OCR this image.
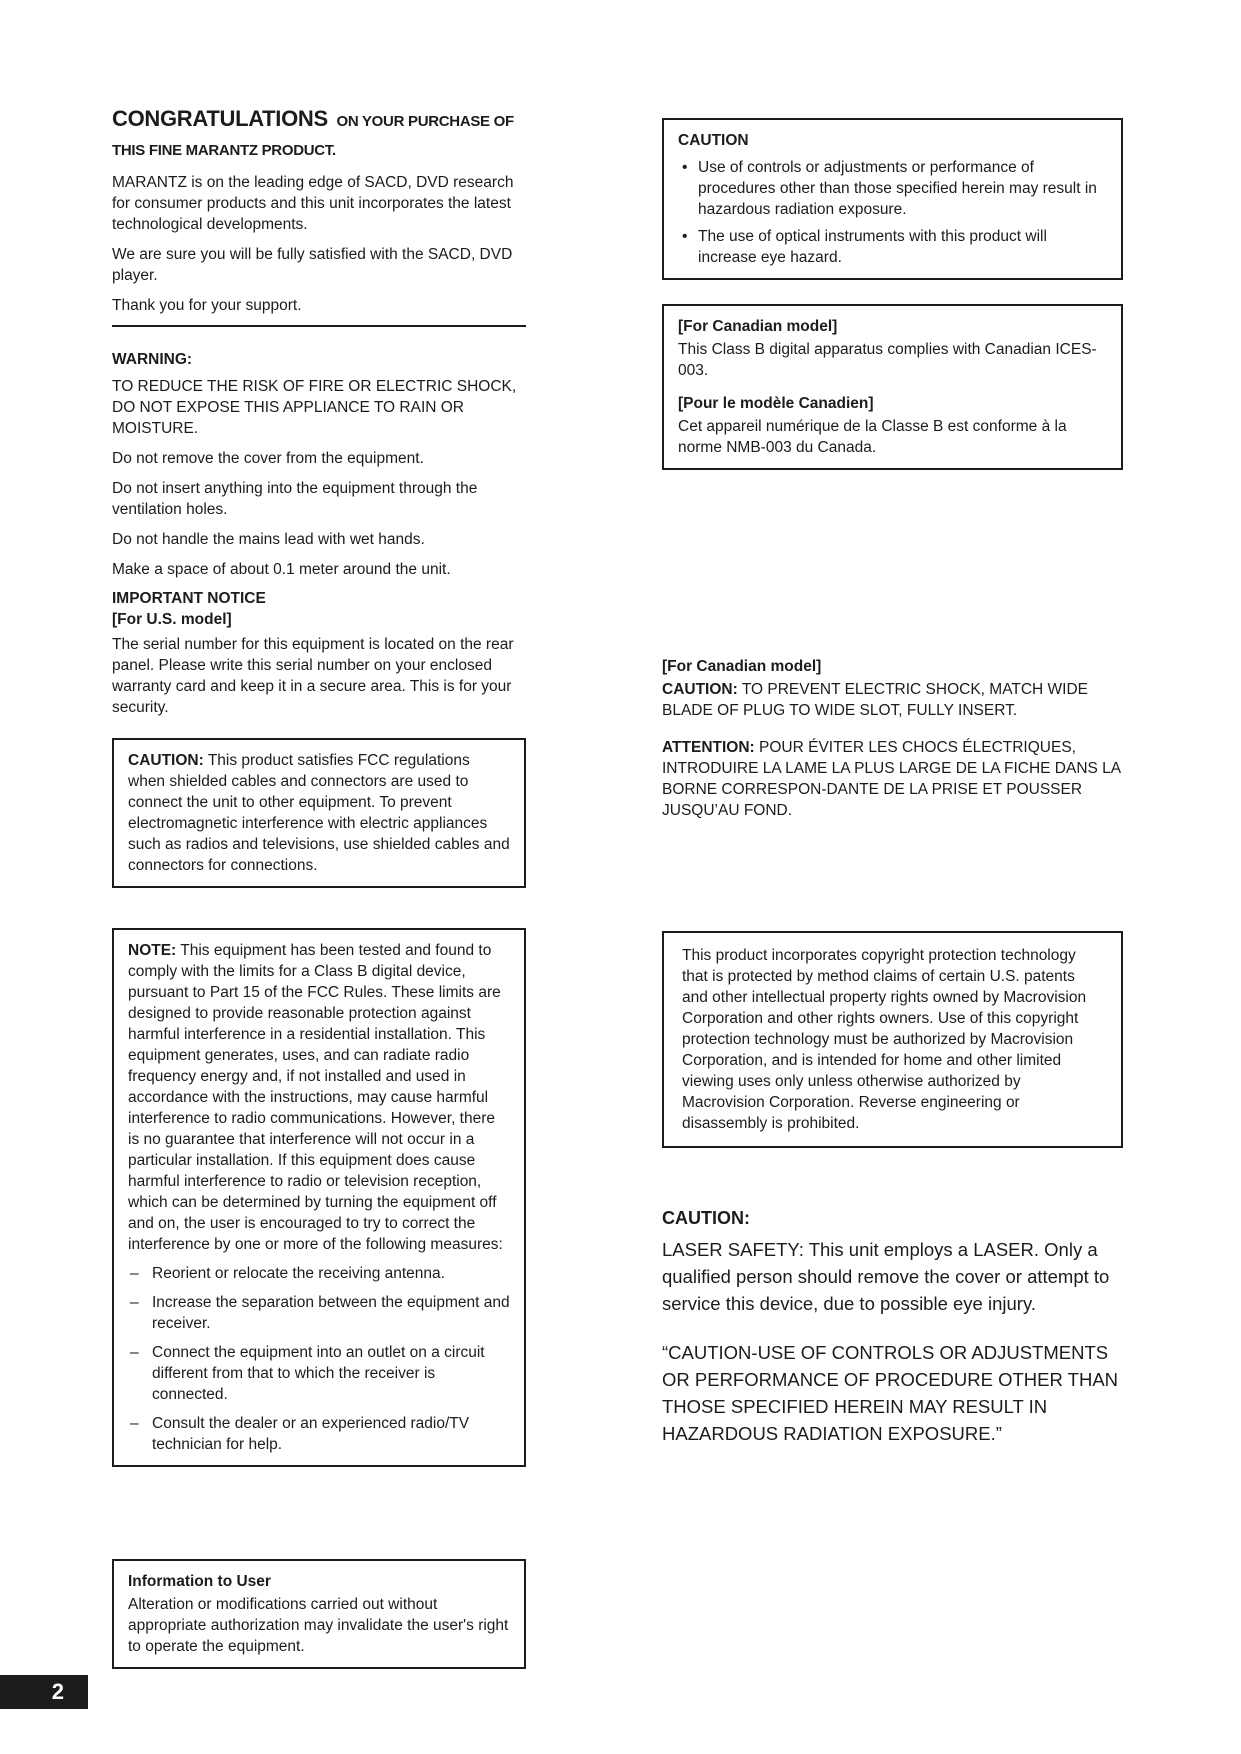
CONGRATULATIONS ON YOUR PURCHASE OF THIS FINE MARANTZ PRODUCT.

MARANTZ is on the leading edge of SACD, DVD research for consumer products and this unit incorporates the latest technological developments.

We are sure you will be fully satisfied with the SACD, DVD player.

Thank you for your support.

WARNING:

TO REDUCE THE RISK OF FIRE OR ELECTRIC SHOCK, DO NOT EXPOSE THIS APPLIANCE TO RAIN OR MOISTURE.

Do not remove the cover from the equipment.

Do not insert anything into the equipment through the ventilation holes.

Do not handle the mains lead with wet hands.

Make a space of about 0.1 meter around the unit.

IMPORTANT NOTICE

[For U.S. model]

The serial number for this equipment is located on the rear panel. Please write this serial number on your enclosed warranty card and keep it in a secure area. This is for your security.

CAUTION: This product satisfies FCC regulations when shielded cables and connectors are used to connect the unit to other equipment. To prevent electromagnetic interference with electric appliances such as radios and televisions, use shielded cables and connectors for connections.

NOTE: This equipment has been tested and found to comply with the limits for a Class B digital device, pursuant to Part 15 of the FCC Rules. These limits are designed to provide reasonable protection against harmful interference in a residential installation. This equipment generates, uses, and can radiate radio frequency energy and, if not installed and used in accordance with the instructions, may cause harmful interference to radio communications. However, there is no guarantee that interference will not occur in a particular installation. If this equipment does cause harmful interference to radio or television reception, which can be determined by turning the equipment off and on, the user is encouraged to try to correct the interference by one or more of the following measures:

– Reorient or relocate the receiving antenna.
– Increase the separation between the equipment and receiver.
– Connect the equipment into an outlet on a circuit different from that to which the receiver is connected.
– Consult the dealer or an experienced radio/TV technician for help.

Information to User

Alteration or modifications carried out without appropriate authorization may invalidate the user's right to operate the equipment.

CAUTION

• Use of controls or adjustments or performance of procedures other than those specified herein may result in hazardous radiation exposure.
• The use of optical instruments with this product will increase eye hazard.

[For Canadian model]

This Class B digital apparatus complies with Canadian ICES-003.

[Pour le modèle Canadien]

Cet appareil numérique de la Classe B est conforme à la norme NMB-003 du Canada.

[For Canadian model]

CAUTION: TO PREVENT ELECTRIC SHOCK, MATCH WIDE BLADE OF PLUG TO WIDE SLOT, FULLY INSERT.

ATTENTION: POUR ÉVITER LES CHOCS ÉLECTRIQUES, INTRODUIRE LA LAME LA PLUS LARGE DE LA FICHE DANS LA BORNE CORRESPON-DANTE DE LA PRISE ET POUSSER JUSQU’AU FOND.

This product incorporates copyright protection technology that is protected by method claims of certain U.S. patents and other intellectual property rights owned by Macrovision Corporation and other rights owners. Use of this copyright protection technology must be authorized by Macrovision Corporation, and is intended for home and other limited viewing uses only unless otherwise authorized by Macrovision Corporation. Reverse engineering or disassembly is prohibited.

CAUTION:

LASER SAFETY: This unit employs a LASER. Only a qualified person should remove the cover or attempt to service this device, due to possible eye injury.

“CAUTION-USE OF CONTROLS OR ADJUSTMENTS OR PERFORMANCE OF PROCEDURE OTHER THAN THOSE SPECIFIED HEREIN MAY RESULT IN HAZARDOUS RADIATION EXPOSURE.”

2
